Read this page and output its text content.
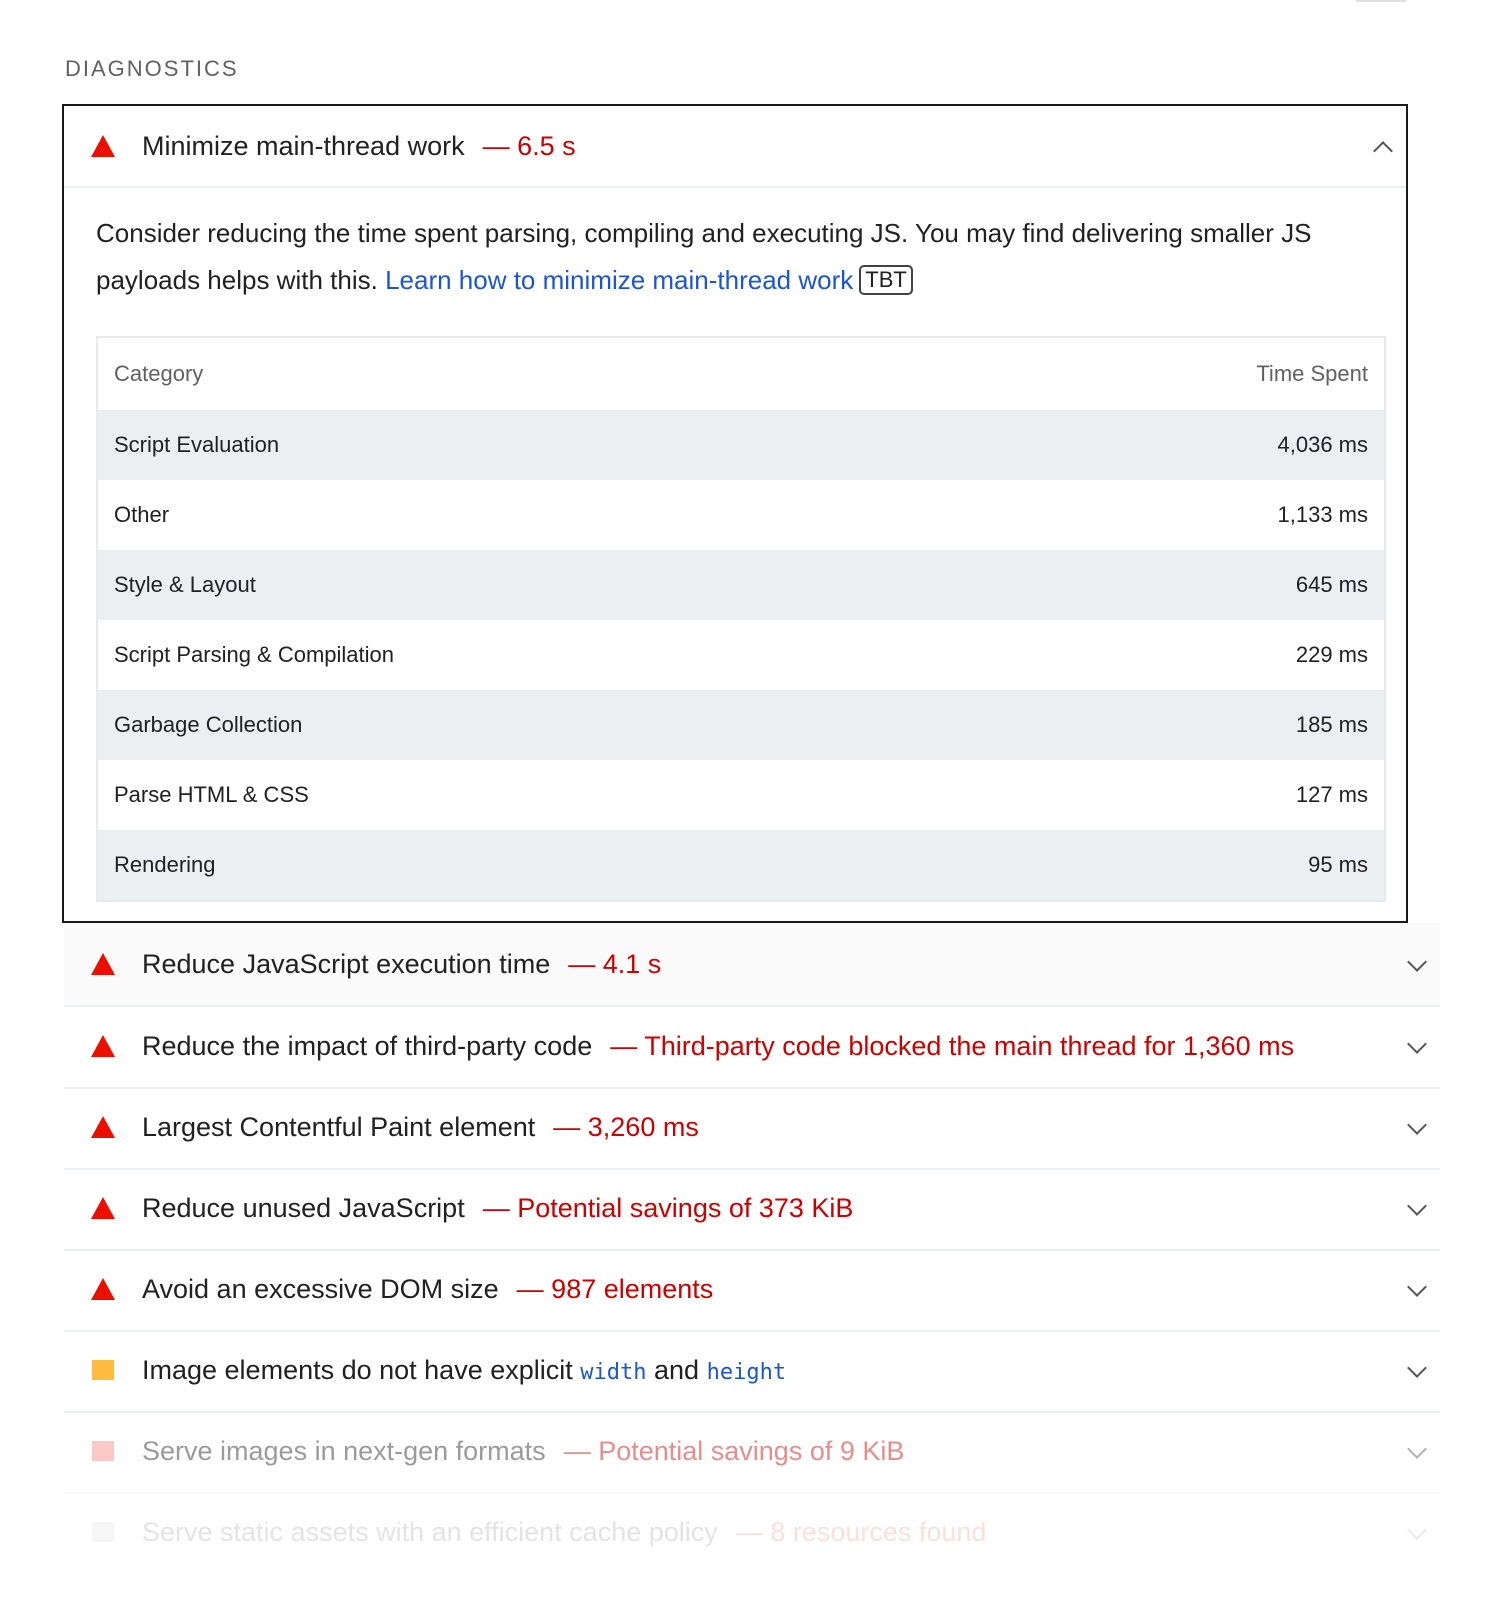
DIAGNOSTICS
Minimize main-thread work	— 6.5 s
Consider reducing the time spent parsing, compiling and executing JS. You may find delivering smaller JS payloads helps with this. Learn how to minimize main-thread work TBT
Category	Time Spent
Script Evaluation	4,036 ms
Other	1,133 ms
Style & Layout	645 ms
Script Parsing & Compilation	229 ms
Garbage Collection	185 ms
Parse HTML & CSS	127 ms
Rendering	95 ms
Reduce JavaScript execution time	— 4.1 s
Reduce the impact of third-party code	— Third-party code blocked the main thread for 1,360 ms
Largest Contentful Paint element	— 3,260 ms
Reduce unused JavaScript	— Potential savings of 373 KiB
Avoid an excessive DOM size	— 987 elements
Image elements do not have explicit width and height
Serve images in next-gen formats	— Potential savings of 9 KiB
Serve static assets with an efficient cache policy	— 8 resources found
